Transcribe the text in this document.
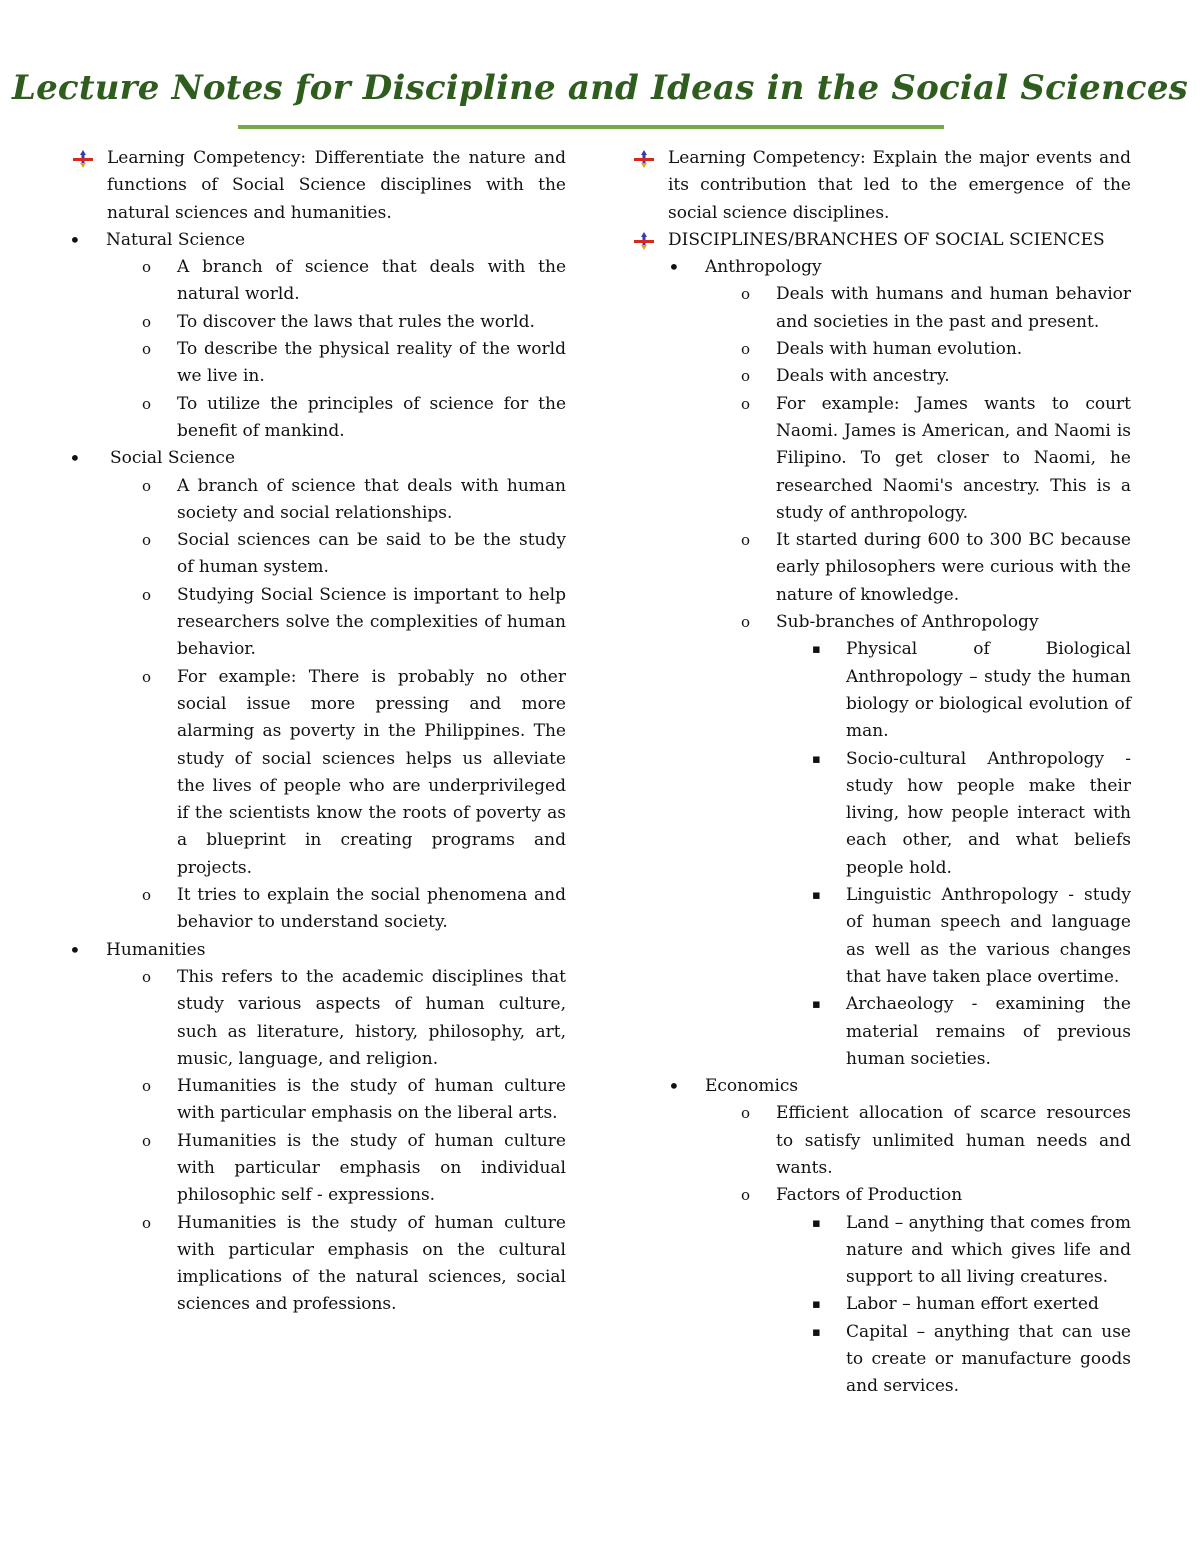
Lecture Notes for Discipline and Ideas in the Social Sciences
Learning Competency: Differentiate the nature and functions of Social Science disciplines with the natural sciences and humanities.
• Natural Science
o A branch of science that deals with the natural world.
o To discover the laws that rules the world.
o To describe the physical reality of the world we live in.
o To utilize the principles of science for the benefit of mankind.
• Social Science
o A branch of science that deals with human society and social relationships.
o Social sciences can be said to be the study of human system.
o Studying Social Science is important to help researchers solve the complexities of human behavior.
o For example: There is probably no other social issue more pressing and more alarming as poverty in the Philippines. The study of social sciences helps us alleviate the lives of people who are underprivileged if the scientists know the roots of poverty as a blueprint in creating programs and projects.
o It tries to explain the social phenomena and behavior to understand society.
• Humanities
o This refers to the academic disciplines that study various aspects of human culture, such as literature, history, philosophy, art, music, language, and religion.
o Humanities is the study of human culture with particular emphasis on the liberal arts.
o Humanities is the study of human culture with particular emphasis on individual philosophic self - expressions.
o Humanities is the study of human culture with particular emphasis on the cultural implications of the natural sciences, social sciences and professions.
Learning Competency: Explain the major events and its contribution that led to the emergence of the social science disciplines.
DISCIPLINES/BRANCHES OF SOCIAL SCIENCES
• Anthropology
o Deals with humans and human behavior and societies in the past and present.
o Deals with human evolution.
o Deals with ancestry.
o For example: James wants to court Naomi. James is American, and Naomi is Filipino. To get closer to Naomi, he researched Naomi's ancestry. This is a study of anthropology.
o It started during 600 to 300 BC because early philosophers were curious with the nature of knowledge.
o Sub-branches of Anthropology
▪ Physical of Biological Anthropology – study the human biology or biological evolution of man.
▪ Socio-cultural Anthropology - study how people make their living, how people interact with each other, and what beliefs people hold.
▪ Linguistic Anthropology - study of human speech and language as well as the various changes that have taken place overtime.
▪ Archaeology - examining the material remains of previous human societies.
• Economics
o Efficient allocation of scarce resources to satisfy unlimited human needs and wants.
o Factors of Production
▪ Land – anything that comes from nature and which gives life and support to all living creatures.
▪ Labor – human effort exerted
▪ Capital – anything that can use to create or manufacture goods and services.
